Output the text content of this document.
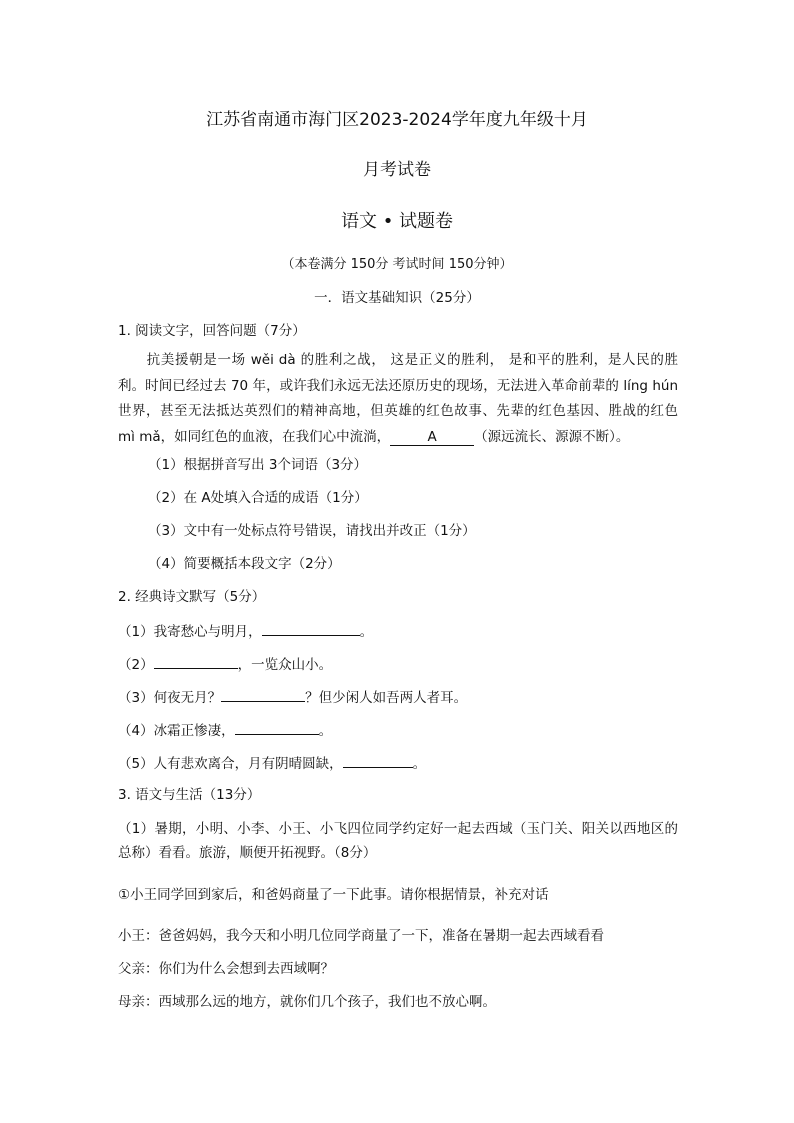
江苏省南通市海门区2023-2024学年度九年级十月
月考试卷
语文 • 试题卷
（本卷满分 150分 考试时间 150分钟）
一．语文基础知识（25分）
1. 阅读文字，回答问题（7分）
抗美援朝是一场 wěi dà 的胜利之战， 这是正义的胜利， 是和平的胜利，是人民的胜利。时间已经过去 70 年，或许我们永远无法还原历史的现场，无法进入革命前辈的 líng hún 世界，甚至无法抵达英烈们的精神高地，但英雄的红色故事、先辈的红色基因、胜战的红色 mì mǎ，如同红色的血液，在我们心中流淌，	A	（源远流长、源源不断）。
（1）根据拼音写出 3个词语（3分）
（2）在 A处填入合适的成语（1分）
（3）文中有一处标点符号错误，请找出并改正（1分）
（4）简要概括本段文字（2分）
2. 经典诗文默写（5分）
（1）我寄愁心与明月，	。
（2）	，一览众山小。
（3）何夜无月？	？但少闲人如吾两人者耳。
（4）冰霜正惨凄，	。
（5）人有悲欢离合，月有阴晴圆缺，	。
3. 语文与生活（13分）
（1）暑期，小明、小李、小王、小飞四位同学约定好一起去西域（玉门关、阳关以西地区的总称）看看。旅游，顺便开拓视野。（8分）
①小王同学回到家后，和爸妈商量了一下此事。请你根据情景，补充对话
小王：爸爸妈妈，我今天和小明几位同学商量了一下，准备在暑期一起去西域看看
父亲：你们为什么会想到去西域啊？
母亲：西域那么远的地方，就你们几个孩子，我们也不放心啊。
